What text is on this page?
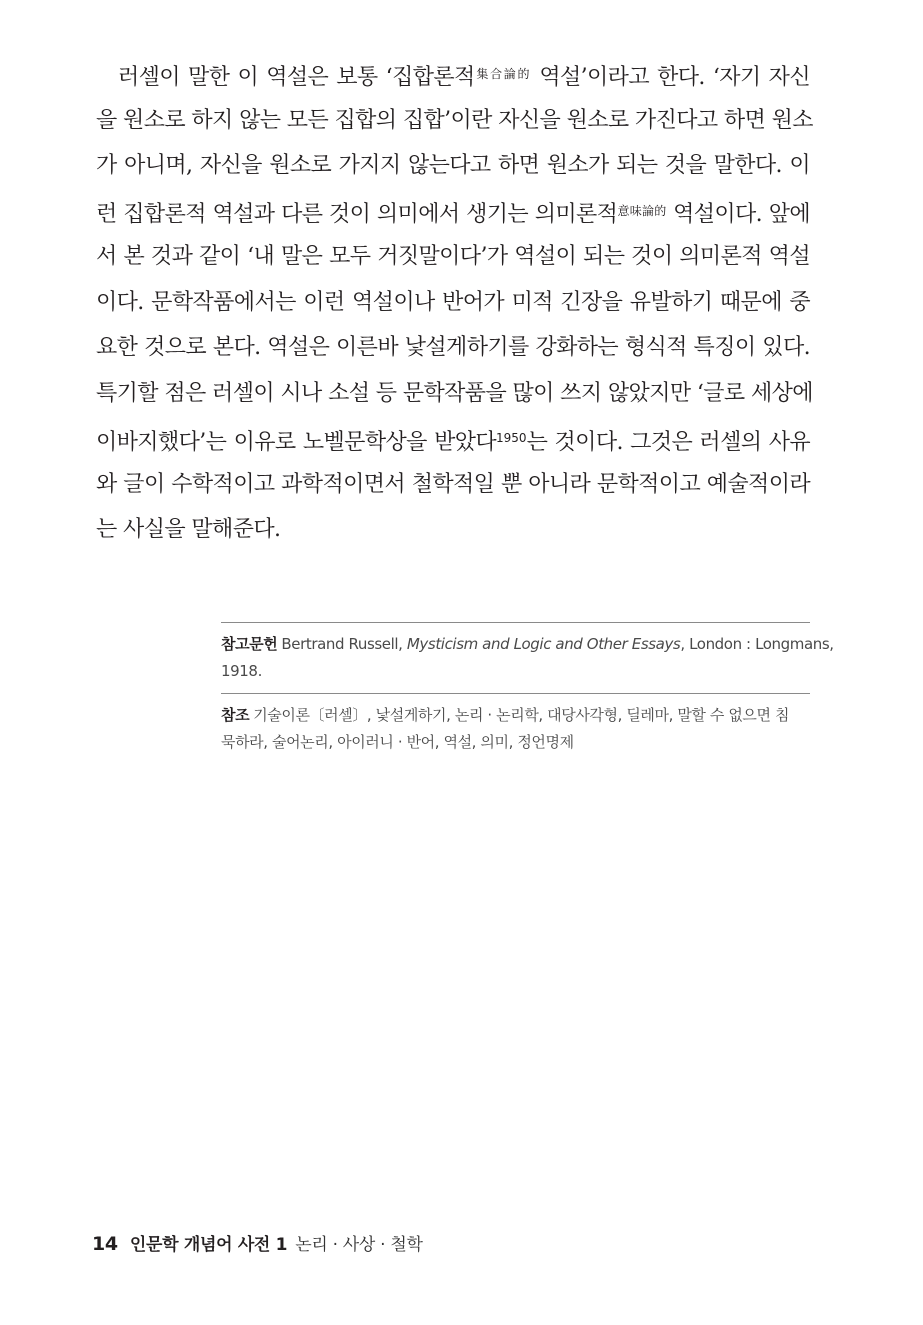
러셀이 말한 이 역설은 보통 ‘집합론적$^{集合論的}$ 역설’이라고 한다. ‘자기 자신
을 원소로 하지 않는 모든 집합의 집합’이란 자신을 원소로 가진다고 하면 원소
가 아니며, 자신을 원소로 가지지 않는다고 하면 원소가 되는 것을 말한다. 이
런 집합론적 역설과 다른 것이 의미에서 생기는 의미론적$^{意味論的}$ 역설이다. 앞에
서 본 것과 같이 ‘내 말은 모두 거짓말이다’가 역설이 되는 것이 의미론적 역설
이다. 문학작품에서는 이런 역설이나 반어가 미적 긴장을 유발하기 때문에 중
요한 것으로 본다. 역설은 이른바 낯설게하기를 강화하는 형식적 특징이 있다.
특기할 점은 러셀이 시나 소설 등 문학작품을 많이 쓰지 않았지만 ‘글로 세상에
이바지했다’는 이유로 노벨문학상을 받았다$^{1950}$는 것이다. 그것은 러셀의 사유
와 글이 수학적이고 과학적이면서 철학적일 뿐 아니라 문학적이고 예술적이라
는 사실을 말해준다.
참고문헌 Bertrand Russell, Mysticism and Logic and Other Essays, London : Longmans,
1918.
참조 기술이론〔러셀〕, 낯설게하기, 논리 · 논리학, 대당사각형, 딜레마, 말할 수 없으면 침
묵하라, 술어논리, 아이러니 · 반어, 역설, 의미, 정언명제
14 인문학 개념어 사전 1 논리 · 사상 · 철학
